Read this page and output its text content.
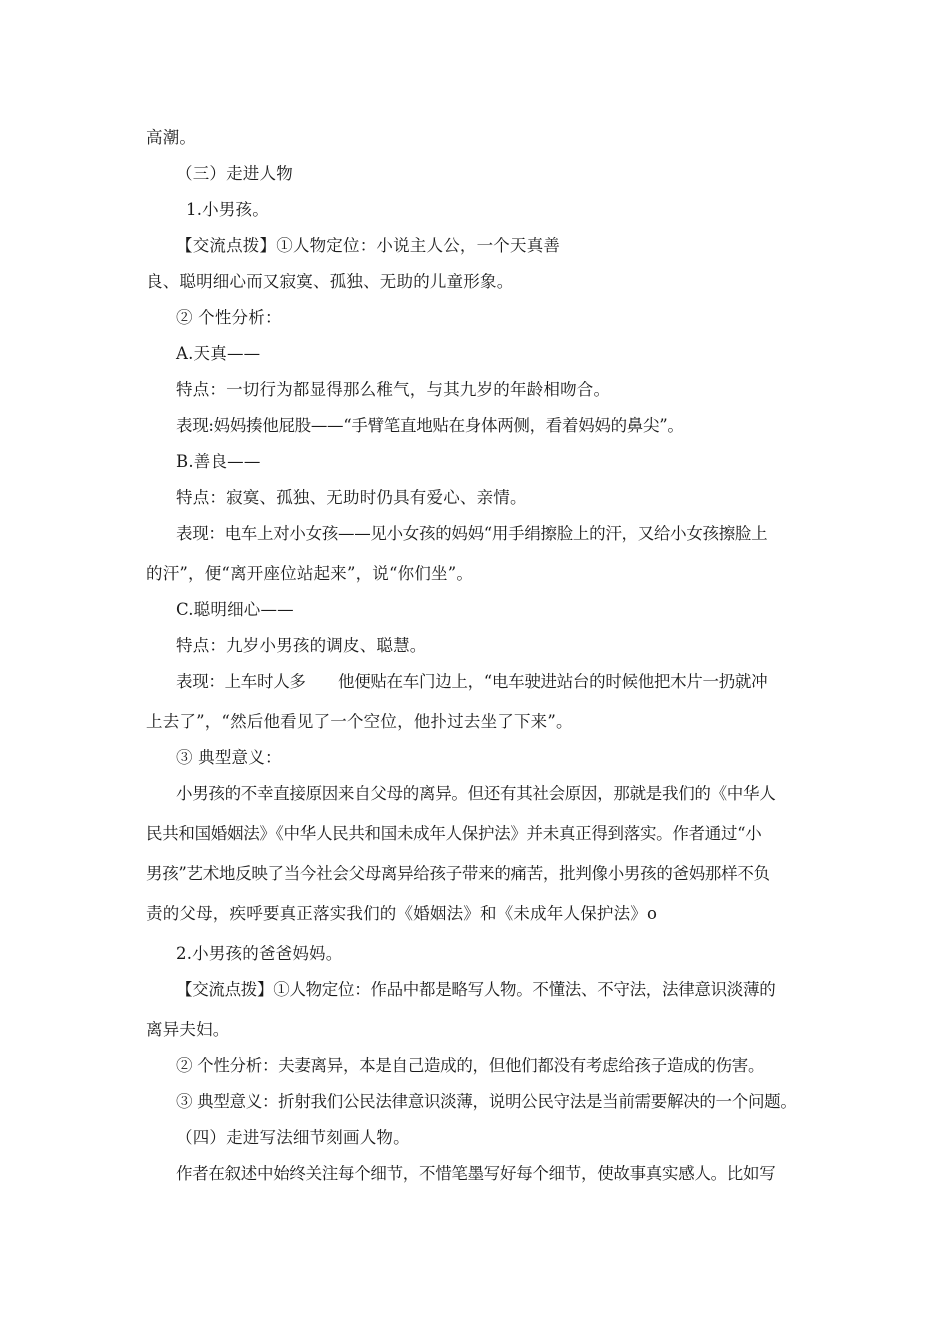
高潮。
（三）走进人物
1.小男孩。
【交流点拨】①人物定位：小说主人公，一个天真善
良、聪明细心而又寂寞、孤独、无助的儿童形象。
② 个性分析：
A.天真——
特点：一切行为都显得那么稚气，与其九岁的年龄相吻合。
表现:妈妈揍他屁股——“手臂笔直地贴在身体两侧，看着妈妈的鼻尖”。
B.善良——
特点：寂寞、孤独、无助时仍具有爱心、亲情。
表现：电车上对小女孩——见小女孩的妈妈“用手绢擦脸上的汗，又给小女孩擦脸上
的汗”，便“离开座位站起来”，说“你们坐”。
C.聪明细心——
特点：九岁小男孩的调皮、聪慧。
表现：上车时人多　　他便贴在车门边上，“电车驶进站台的时候他把木片一扔就冲
上去了”，“然后他看见了一个空位，他扑过去坐了下来”。
③ 典型意义：
小男孩的不幸直接原因来自父母的离异。但还有其社会原因，那就是我们的《中华人
民共和国婚姻法》《中华人民共和国未成年人保护法》并未真正得到落实。作者通过“小
男孩”艺术地反映了当今社会父母离异给孩子带来的痛苦，批判像小男孩的爸妈那样不负
责的父母，疾呼要真正落实我们的《婚姻法》和《未成年人保护法》o
2.小男孩的爸爸妈妈。
【交流点拨】①人物定位：作品中都是略写人物。不懂法、不守法，法律意识淡薄的
离异夫妇。
② 个性分析：夫妻离异，本是自己造成的，但他们都没有考虑给孩子造成的伤害。
③ 典型意义：折射我们公民法律意识淡薄，说明公民守法是当前需要解决的一个问题。
（四）走进写法细节刻画人物。
作者在叙述中始终关注每个细节，不惜笔墨写好每个细节，使故事真实感人。比如写
